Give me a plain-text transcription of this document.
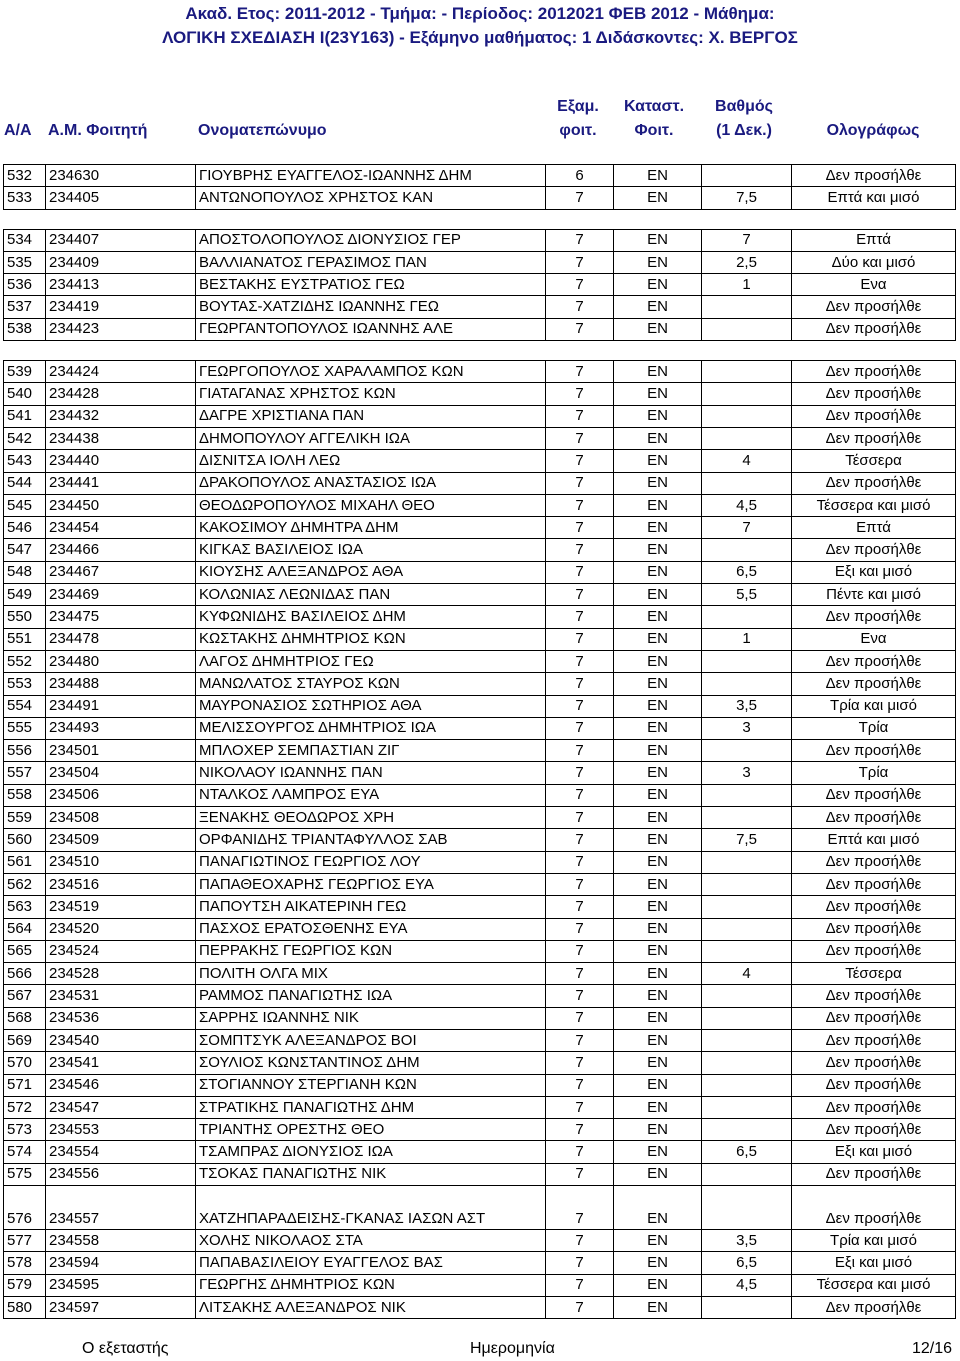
Ακαδ. Ετος: 2011-2012 - Τμήμα: - Περίοδος: 2012021 ΦΕΒ 2012 - Μάθημα:
ΛΟΓΙΚΗ ΣΧΕΔΙΑΣΗ Ι(23Υ163) - Εξάμηνο μαθήματος: 1 Διδάσκοντες: Χ. ΒΕΡΓΟΣ
Εξαμ.	Καταστ.	Βαθμός
Α/Α Α.Μ. Φοιτητή	Ονοματεπώνυμο	φοιτ.	Φοιτ.	(1 Δεκ.)	Ολογράφως
532	234630	ΓΙΟΥΒΡΗΣ ΕΥΑΓΓΕΛΟΣ-ΙΩΑΝΝΗΣ ΔΗΜ	6	ΕΝ		Δεν προσήλθε
533	234405	ΑΝΤΩΝΟΠΟΥΛΟΣ ΧΡΗΣΤΟΣ ΚΑΝ	7	ΕΝ	7,5	Επτά και μισό

534	234407	ΑΠΟΣΤΟΛΟΠΟΥΛΟΣ ΔΙΟΝΥΣΙΟΣ ΓΕΡ	7	ΕΝ	7	Επτά
535	234409	ΒΑΛΛΙΑΝΑΤΟΣ ΓΕΡΑΣΙΜΟΣ ΠΑΝ	7	ΕΝ	2,5	Δύο και μισό
536	234413	ΒΕΣΤΑΚΗΣ ΕΥΣΤΡΑΤΙΟΣ ΓΕΩ	7	ΕΝ	1	Ενα
537	234419	ΒΟΥΤΑΣ-ΧΑΤΖΙΔΗΣ ΙΩΑΝΝΗΣ ΓΕΩ	7	ΕΝ		Δεν προσήλθε
538	234423	ΓΕΩΡΓΑΝΤΟΠΟΥΛΟΣ ΙΩΑΝΝΗΣ ΑΛΕ	7	ΕΝ		Δεν προσήλθε

539	234424	ΓΕΩΡΓΟΠΟΥΛΟΣ ΧΑΡΑΛΑΜΠΟΣ ΚΩΝ	7	ΕΝ		Δεν προσήλθε
540	234428	ΓΙΑΤΑΓΑΝΑΣ ΧΡΗΣΤΟΣ ΚΩΝ	7	ΕΝ		Δεν προσήλθε
541	234432	ΔΑΓΡΕ ΧΡΙΣΤΙΑΝΑ ΠΑΝ	7	ΕΝ		Δεν προσήλθε
542	234438	ΔΗΜΟΠΟΥΛΟΥ ΑΓΓΕΛΙΚΗ ΙΩΑ	7	ΕΝ		Δεν προσήλθε
543	234440	ΔΙΣΝΙΤΣΑ ΙΟΛΗ ΛΕΩ	7	ΕΝ	4	Τέσσερα
544	234441	ΔΡΑΚΟΠΟΥΛΟΣ ΑΝΑΣΤΑΣΙΟΣ ΙΩΑ	7	ΕΝ		Δεν προσήλθε
545	234450	ΘΕΟΔΩΡΟΠΟΥΛΟΣ ΜΙΧΑΗΛ ΘΕΟ	7	ΕΝ	4,5	Τέσσερα και μισό
546	234454	ΚΑΚΟΣΙΜΟΥ ΔΗΜΗΤΡΑ ΔΗΜ	7	ΕΝ	7	Επτά
547	234466	ΚΙΓΚΑΣ ΒΑΣΙΛΕΙΟΣ ΙΩΑ	7	ΕΝ		Δεν προσήλθε
548	234467	ΚΙΟΥΣΗΣ ΑΛΕΞΑΝΔΡΟΣ ΑΘΑ	7	ΕΝ	6,5	Εξι και μισό
549	234469	ΚΟΛΩΝΙΑΣ ΛΕΩΝΙΔΑΣ ΠΑΝ	7	ΕΝ	5,5	Πέντε και μισό
550	234475	ΚΥΦΩΝΙΔΗΣ ΒΑΣΙΛΕΙΟΣ ΔΗΜ	7	ΕΝ		Δεν προσήλθε
551	234478	ΚΩΣΤΑΚΗΣ ΔΗΜΗΤΡΙΟΣ ΚΩΝ	7	ΕΝ	1	Ενα
552	234480	ΛΑΓΟΣ ΔΗΜΗΤΡΙΟΣ ΓΕΩ	7	ΕΝ		Δεν προσήλθε
553	234488	ΜΑΝΩΛΑΤΟΣ ΣΤΑΥΡΟΣ ΚΩΝ	7	ΕΝ		Δεν προσήλθε
554	234491	ΜΑΥΡΟΝΑΣΙΟΣ ΣΩΤΗΡΙΟΣ ΑΘΑ	7	ΕΝ	3,5	Τρία και μισό
555	234493	ΜΕΛΙΣΣΟΥΡΓΟΣ ΔΗΜΗΤΡΙΟΣ ΙΩΑ	7	ΕΝ	3	Τρία
556	234501	ΜΠΛΟΧΕΡ ΣΕΜΠΑΣΤΙΑΝ ΖΙΓ	7	ΕΝ		Δεν προσήλθε
557	234504	ΝΙΚΟΛΑΟΥ ΙΩΑΝΝΗΣ ΠΑΝ	7	ΕΝ	3	Τρία
558	234506	ΝΤΑΛΚΟΣ ΛΑΜΠΡΟΣ ΕΥΑ	7	ΕΝ		Δεν προσήλθε
559	234508	ΞΕΝΑΚΗΣ ΘΕΟΔΩΡΟΣ ΧΡΗ	7	ΕΝ		Δεν προσήλθε
560	234509	ΟΡΦΑΝΙΔΗΣ ΤΡΙΑΝΤΑΦΥΛΛΟΣ ΣΑΒ	7	ΕΝ	7,5	Επτά και μισό
561	234510	ΠΑΝΑΓΙΩΤΙΝΟΣ ΓΕΩΡΓΙΟΣ ΛΟΥ	7	ΕΝ		Δεν προσήλθε
562	234516	ΠΑΠΑΘΕΟΧΑΡΗΣ ΓΕΩΡΓΙΟΣ ΕΥΑ	7	ΕΝ		Δεν προσήλθε
563	234519	ΠΑΠΟΥΤΣΗ ΑΙΚΑΤΕΡΙΝΗ ΓΕΩ	7	ΕΝ		Δεν προσήλθε
564	234520	ΠΑΣΧΟΣ ΕΡΑΤΟΣΘΕΝΗΣ ΕΥΑ	7	ΕΝ		Δεν προσήλθε
565	234524	ΠΕΡΡΑΚΗΣ ΓΕΩΡΓΙΟΣ ΚΩΝ	7	ΕΝ		Δεν προσήλθε
566	234528	ΠΟΛΙΤΗ ΟΛΓΑ ΜΙΧ	7	ΕΝ	4	Τέσσερα
567	234531	ΡΑΜΜΟΣ ΠΑΝΑΓΙΩΤΗΣ ΙΩΑ	7	ΕΝ		Δεν προσήλθε
568	234536	ΣΑΡΡΗΣ ΙΩΑΝΝΗΣ ΝΙΚ	7	ΕΝ		Δεν προσήλθε
569	234540	ΣΟΜΠΤΣΥΚ ΑΛΕΞΑΝΔΡΟΣ ΒΟΙ	7	ΕΝ		Δεν προσήλθε
570	234541	ΣΟΥΛΙΟΣ ΚΩΝΣΤΑΝΤΙΝΟΣ ΔΗΜ	7	ΕΝ		Δεν προσήλθε
571	234546	ΣΤΟΓΙΑΝΝΟΥ ΣΤΕΡΓΙΑΝΗ ΚΩΝ	7	ΕΝ		Δεν προσήλθε
572	234547	ΣΤΡΑΤΙΚΗΣ ΠΑΝΑΓΙΩΤΗΣ ΔΗΜ	7	ΕΝ		Δεν προσήλθε
573	234553	ΤΡΙΑΝΤΗΣ ΟΡΕΣΤΗΣ ΘΕΟ	7	ΕΝ		Δεν προσήλθε
574	234554	ΤΣΑΜΠΡΑΣ ΔΙΟΝΥΣΙΟΣ ΙΩΑ	7	ΕΝ	6,5	Εξι και μισό
575	234556	ΤΣΟΚΑΣ ΠΑΝΑΓΙΩΤΗΣ ΝΙΚ	7	ΕΝ		Δεν προσήλθε
576	234557	ΧΑΤΖΗΠΑΡΑΔΕΙΣΗΣ-ΓΚΑΝΑΣ ΙΑΣΩΝ ΑΣΤ	7	ΕΝ		Δεν προσήλθε
577	234558	ΧΟΛΗΣ ΝΙΚΟΛΑΟΣ ΣΤΑ	7	ΕΝ	3,5	Τρία και μισό
578	234594	ΠΑΠΑΒΑΣΙΛΕΙΟΥ ΕΥΑΓΓΕΛΟΣ ΒΑΣ	7	ΕΝ	6,5	Εξι και μισό
579	234595	ΓΕΩΡΓΗΣ ΔΗΜΗΤΡΙΟΣ ΚΩΝ	7	ΕΝ	4,5	Τέσσερα και μισό
580	234597	ΛΙΤΣΑΚΗΣ ΑΛΕΞΑΝΔΡΟΣ ΝΙΚ	7	ΕΝ		Δεν προσήλθε
Ο εξεταστής	Ημερομηνία	12/16
